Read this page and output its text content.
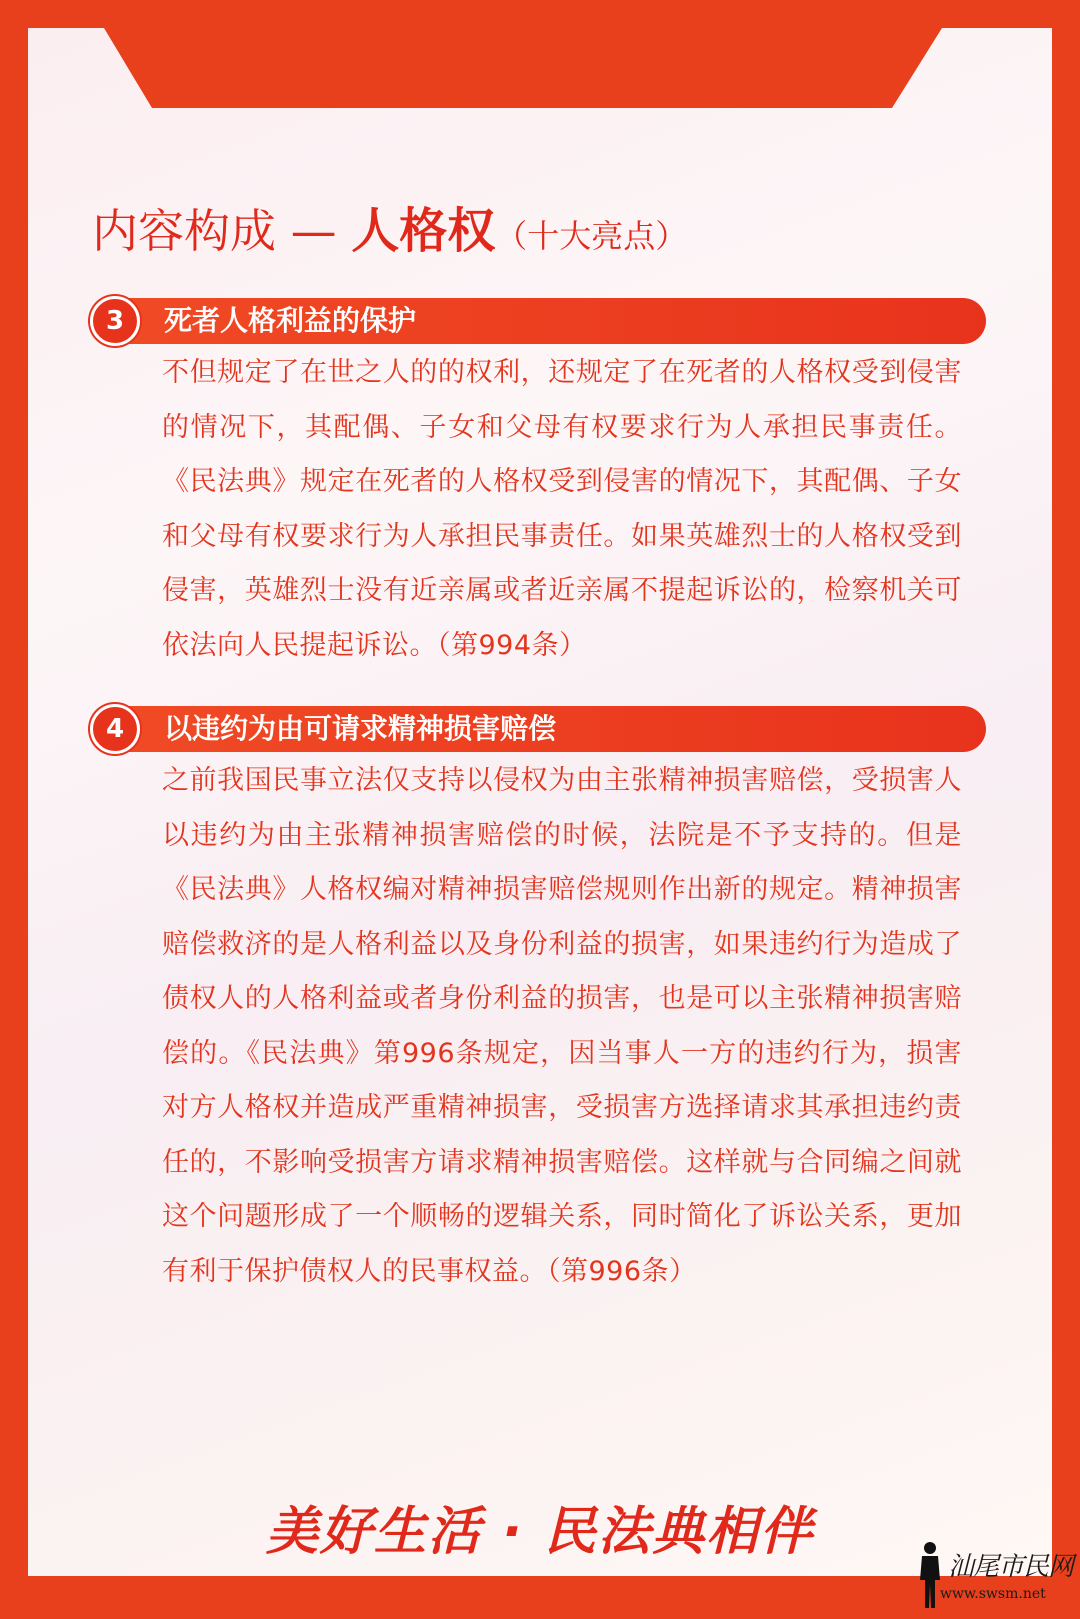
内容构成 — 人格权（十大亮点）
死者人格利益的保护
3

不但规定了在世之人的的权利，还规定了在死者的人格权受到侵害的情况下，其配偶、子女和父母有权要求行为人承担民事责任。《民法典》规定在死者的人格权受到侵害的情况下，其配偶、子女和父母有权要求行为人承担民事责任。如果英雄烈士的人格权受到侵害，英雄烈士没有近亲属或者近亲属不提起诉讼的，检察机关可依法向人民提起诉讼。（第994条）

以违约为由可请求精神损害赔偿
4

之前我国民事立法仅支持以侵权为由主张精神损害赔偿，受损害人以违约为由主张精神损害赔偿的时候，法院是不予支持的。但是《民法典》人格权编对精神损害赔偿规则作出新的规定。精神损害赔偿救济的是人格利益以及身份利益的损害，如果违约行为造成了债权人的人格利益或者身份利益的损害，也是可以主张精神损害赔偿的。《民法典》第996条规定，因当事人一方的违约行为，损害对方人格权并造成严重精神损害，受损害方选择请求其承担违约责任的，不影响受损害方请求精神损害赔偿。这样就与合同编之间就这个问题形成了一个顺畅的逻辑关系，同时简化了诉讼关系，更加有利于保护债权人的民事权益。（第996条）

美好生活 · 民法典相伴
汕尾市民网
www.swsm.net
